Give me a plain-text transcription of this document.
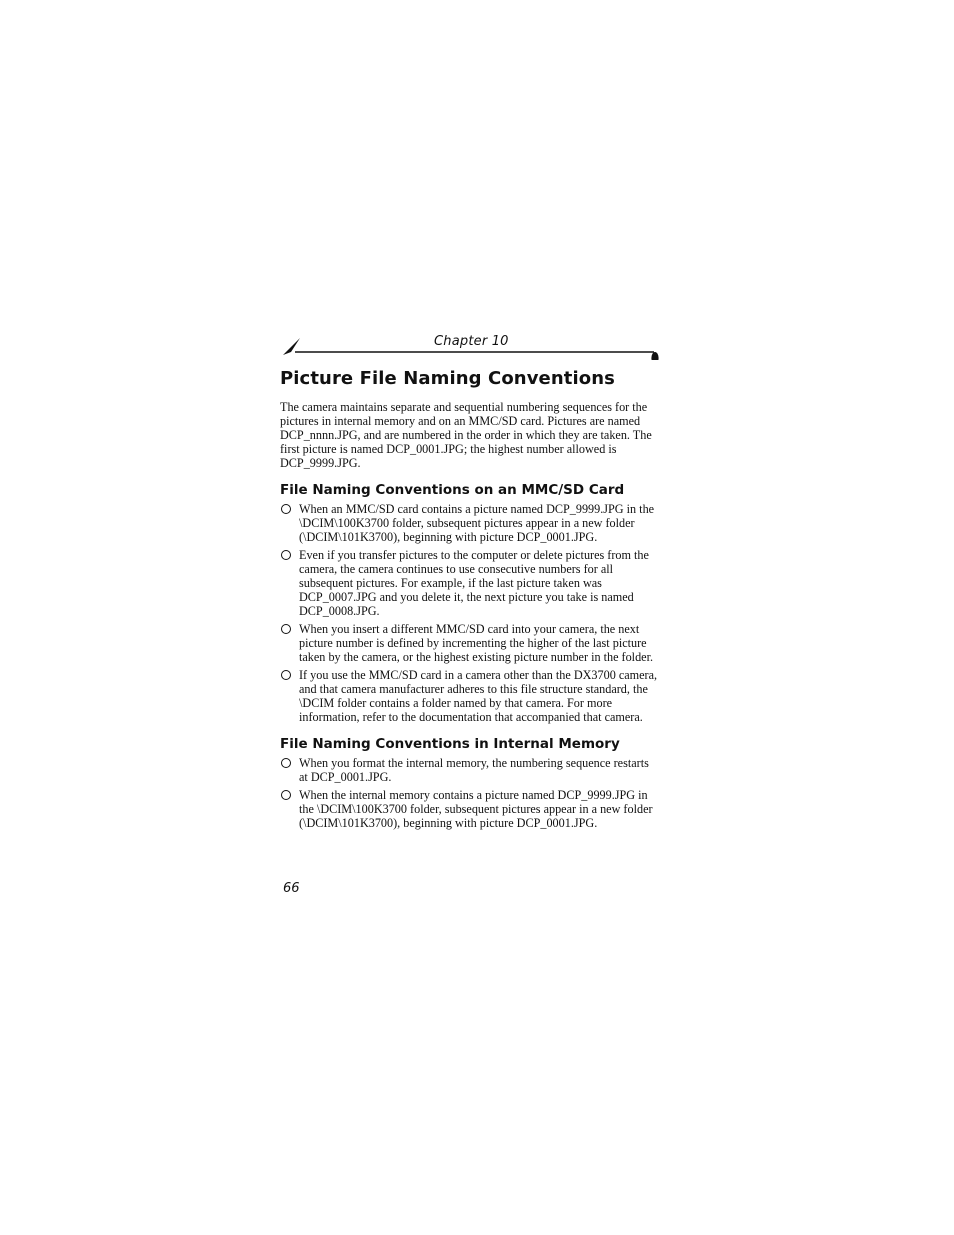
Chapter 10
Picture File Naming Conventions

The camera maintains separate and sequential numbering sequences for the pictures in internal memory and on an MMC/SD card. Pictures are named DCP_nnnn.JPG, and are numbered in the order in which they are taken. The first picture is named DCP_0001.JPG; the highest number allowed is DCP_9999.JPG.

File Naming Conventions on an MMC/SD Card
When an MMC/SD card contains a picture named DCP_9999.JPG in the \DCIM\100K3700 folder, subsequent pictures appear in a new folder (\DCIM\101K3700), beginning with picture DCP_0001.JPG.
Even if you transfer pictures to the computer or delete pictures from the camera, the camera continues to use consecutive numbers for all subsequent pictures. For example, if the last picture taken was DCP_0007.JPG and you delete it, the next picture you take is named DCP_0008.JPG.
When you insert a different MMC/SD card into your camera, the next picture number is defined by incrementing the higher of the last picture taken by the camera, or the highest existing picture number in the folder.
If you use the MMC/SD card in a camera other than the DX3700 camera, and that camera manufacturer adheres to this file structure standard, the \DCIM folder contains a folder named by that camera. For more information, refer to the documentation that accompanied that camera.
File Naming Conventions in Internal Memory
When you format the internal memory, the numbering sequence restarts at DCP_0001.JPG.
When the internal memory contains a picture named DCP_9999.JPG in the \DCIM\100K3700 folder, subsequent pictures appear in a new folder (\DCIM\101K3700), beginning with picture DCP_0001.JPG.
66
